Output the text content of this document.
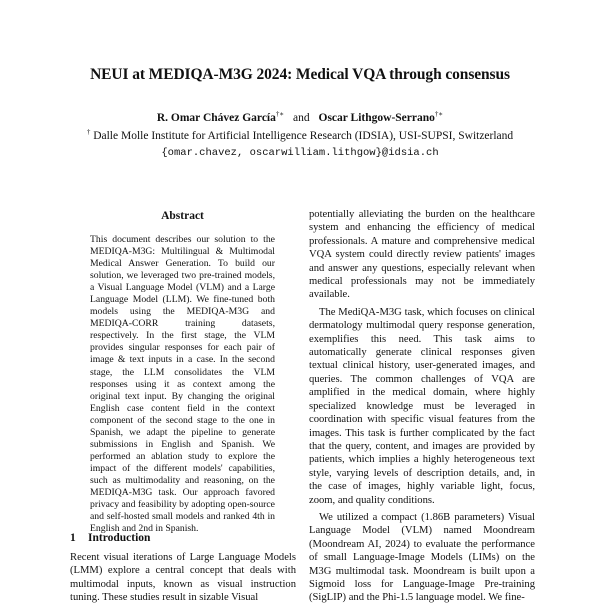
NEUI at MEDIQA-M3G 2024: Medical VQA through consensus
R. Omar Chávez García†∗ and Oscar Lithgow-Serrano†∗
† Dalle Molle Institute for Artificial Intelligence Research (IDSIA), USI-SUPSI, Switzerland
{omar.chavez, oscarwilliam.lithgow}@idsia.ch
Abstract
This document describes our solution to the MEDIQA-M3G: Multilingual & Multimodal Medical Answer Generation. To build our solution, we leveraged two pre-trained models, a Visual Language Model (VLM) and a Large Language Model (LLM). We fine-tuned both models using the MEDIQA-M3G and MEDIQA-CORR training datasets, respectively. In the first stage, the VLM provides singular responses for each pair of image & text inputs in a case. In the second stage, the LLM consolidates the VLM responses using it as context among the original text input. By changing the original English case content field in the context component of the second stage to the one in Spanish, we adapt the pipeline to generate submissions in English and Spanish. We performed an ablation study to explore the impact of the different models' capabilities, such as multimodality and reasoning, on the MEDIQA-M3G task. Our approach favored privacy and feasibility by adopting open-source and self-hosted small models and ranked 4th in English and 2nd in Spanish.
1 Introduction
Recent visual iterations of Large Language Models (LMM) explore a central concept that deals with multimodal inputs, known as visual instruction tuning. These studies result in sizable Visual

potentially alleviating the burden on the healthcare system and enhancing the efficiency of medical professionals. A mature and comprehensive medical VQA system could directly review patients' images and answer any questions, especially relevant when medical professionals may not be immediately available.

The MediQA-M3G task, which focuses on clinical dermatology multimodal query response generation, exemplifies this need. This task aims to automatically generate clinical responses given textual clinical history, user-generated images, and queries. The common challenges of VQA are amplified in the medical domain, where highly specialized knowledge must be leveraged in coordination with specific visual features from the images. This task is further complicated by the fact that the query, content, and images are provided by patients, which implies a highly heterogeneous text style, varying levels of description details, and, in the case of images, highly variable light, focus, zoom, and quality conditions.

We utilized a compact (1.86B parameters) Visual Language Model (VLM) named Moondream (Moondream AI, 2024) to evaluate the performance of small Language-Image Models (LIMs) on the M3G multimodal task. Moondream is built upon a Sigmoid loss for Language-Image Pre-training (SigLIP) and the Phi-1.5 language model. We fine-
